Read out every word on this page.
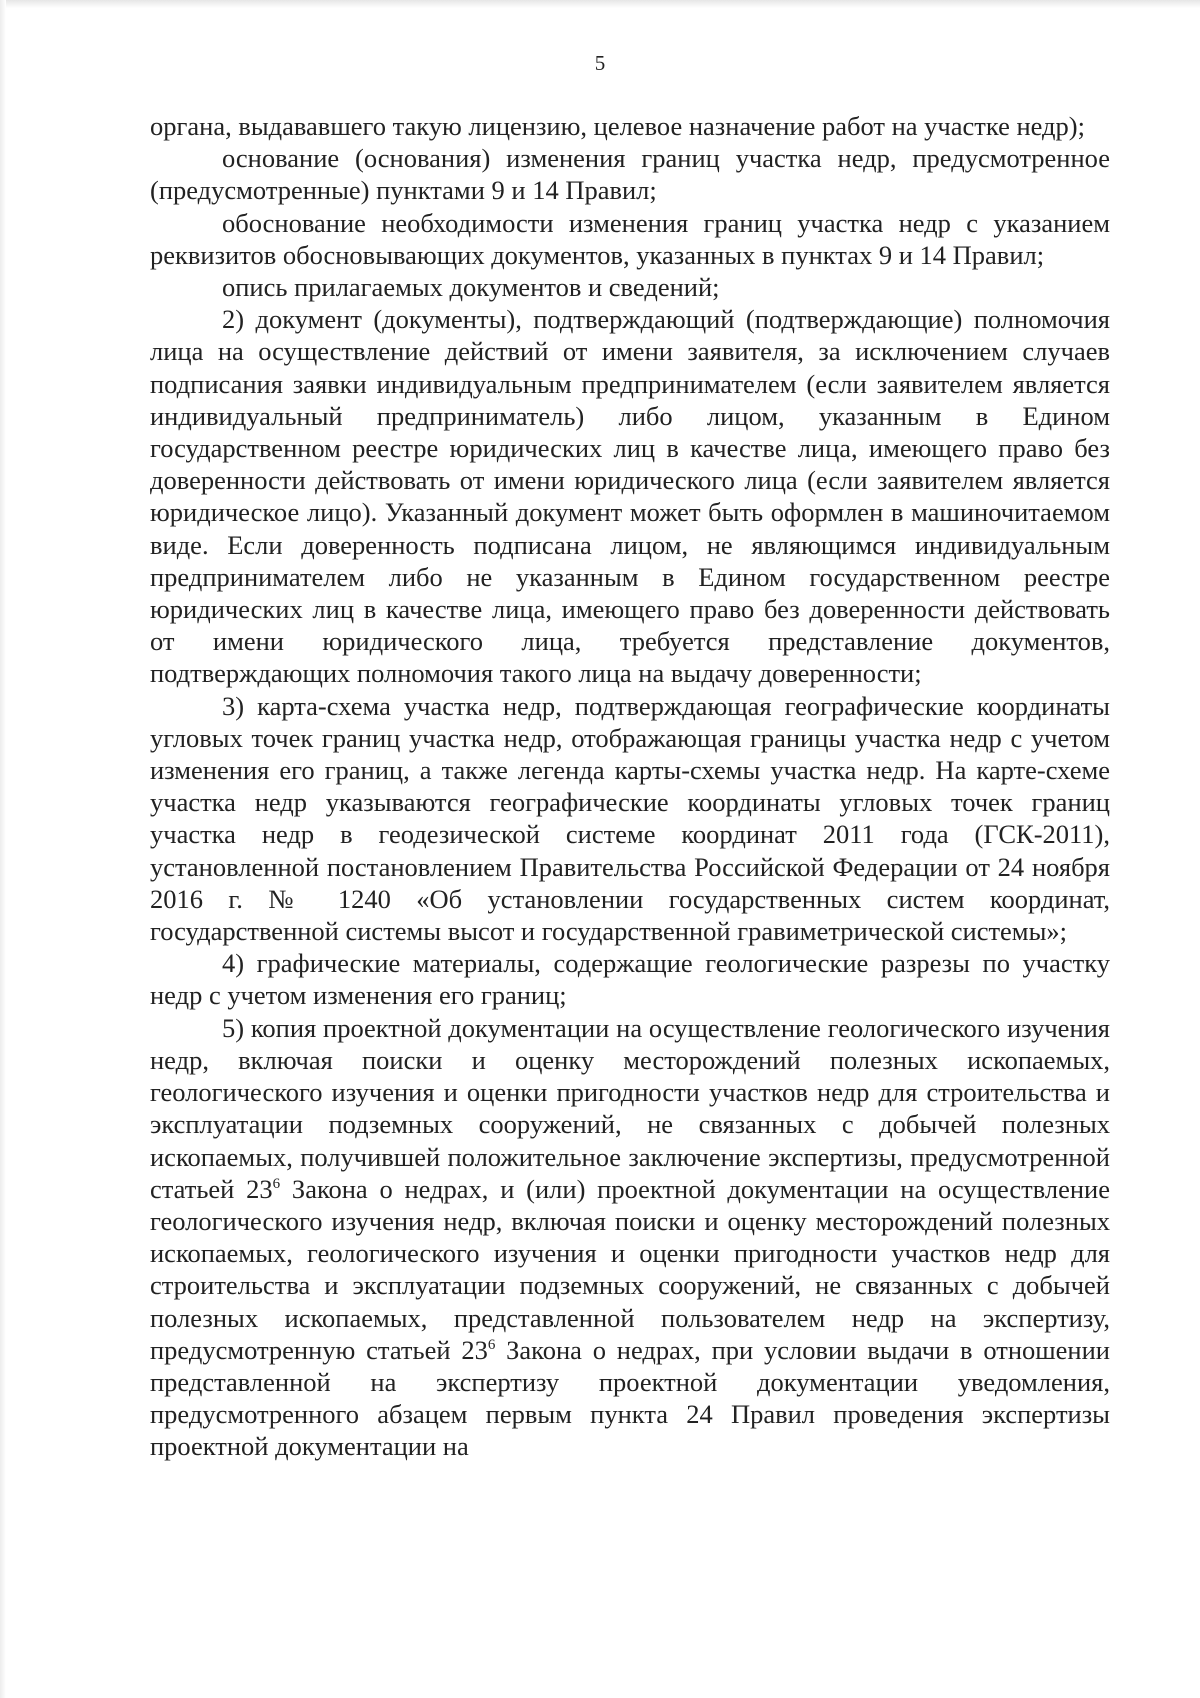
5

органа, выдававшего такую лицензию, целевое назначение работ на участке недр);

основание (основания) изменения границ участка недр, предусмотренное (предусмотренные) пунктами 9 и 14 Правил;

обоснование необходимости изменения границ участка недр с указанием реквизитов обосновывающих документов, указанных в пунктах 9 и 14 Правил;

опись прилагаемых документов и сведений;

2) документ (документы), подтверждающий (подтверждающие) полномочия лица на осуществление действий от имени заявителя, за исключением случаев подписания заявки индивидуальным предпринимателем (если заявителем является индивидуальный предприниматель) либо лицом, указанным в Едином государственном реестре юридических лиц в качестве лица, имеющего право без доверенности действовать от имени юридического лица (если заявителем является юридическое лицо). Указанный документ может быть оформлен в машиночитаемом виде. Если доверенность подписана лицом, не являющимся индивидуальным предпринимателем либо не указанным в Едином государственном реестре юридических лиц в качестве лица, имеющего право без доверенности действовать от имени юридического лица, требуется представление документов, подтверждающих полномочия такого лица на выдачу доверенности;

3) карта-схема участка недр, подтверждающая географические координаты угловых точек границ участка недр, отображающая границы участка недр с учетом изменения его границ, а также легенда карты-схемы участка недр. На карте-схеме участка недр указываются географические координаты угловых точек границ участка недр в геодезической системе координат 2011 года (ГСК-2011), установленной постановлением Правительства Российской Федерации от 24 ноября 2016 г. № 1240 «Об установлении государственных систем координат, государственной системы высот и государственной гравиметрической системы»;

4) графические материалы, содержащие геологические разрезы по участку недр с учетом изменения его границ;

5) копия проектной документации на осуществление геологического изучения недр, включая поиски и оценку месторождений полезных ископаемых, геологического изучения и оценки пригодности участков недр для строительства и эксплуатации подземных сооружений, не связанных с добычей полезных ископаемых, получившей положительное заключение экспертизы, предусмотренной статьей $23^6$ Закона о недрах, и (или) проектной документации на осуществление геологического изучения недр, включая поиски и оценку месторождений полезных ископаемых, геологического изучения и оценки пригодности участков недр для строительства и эксплуатации подземных сооружений, не связанных с добычей полезных ископаемых, представленной пользователем недр на экспертизу, предусмотренную статьей $23^6$ Закона о недрах, при условии выдачи в отношении представленной на экспертизу проектной документации уведомления, предусмотренного абзацем первым пункта 24 Правил проведения экспертизы проектной документации на
